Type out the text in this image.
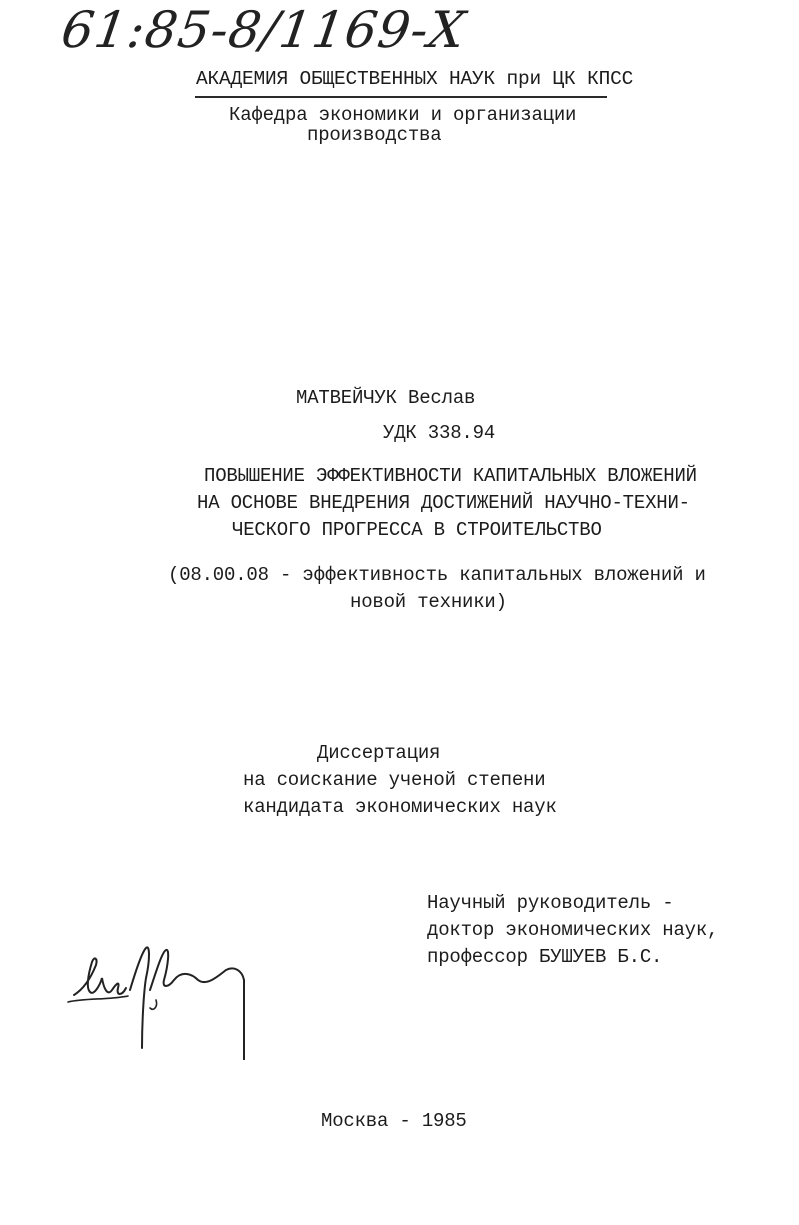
61:85-8/1169-Х
АКАДЕМИЯ ОБЩЕСТВЕННЫХ НАУК при ЦК КПСС
Кафедра экономики и организации
производства
МАТВЕЙЧУК Веслав
УДК 338.94
ПОВЫШЕНИЕ ЭФФЕКТИВНОСТИ КАПИТАЛЬНЫХ ВЛОЖЕНИЙ
НА ОСНОВЕ ВНЕДРЕНИЯ ДОСТИЖЕНИЙ НАУЧНО-ТЕХНИ-
ЧЕСКОГО ПРОГРЕССА В СТРОИТЕЛЬСТВО
(08.00.08 - эффективность капитальных вложений и
новой техники)
Диссертация
на соискание ученой степени
кандидата экономических наук
Научный руководитель -
доктор экономических наук,
профессор БУШУЕВ Б.С.
Москва - 1985
